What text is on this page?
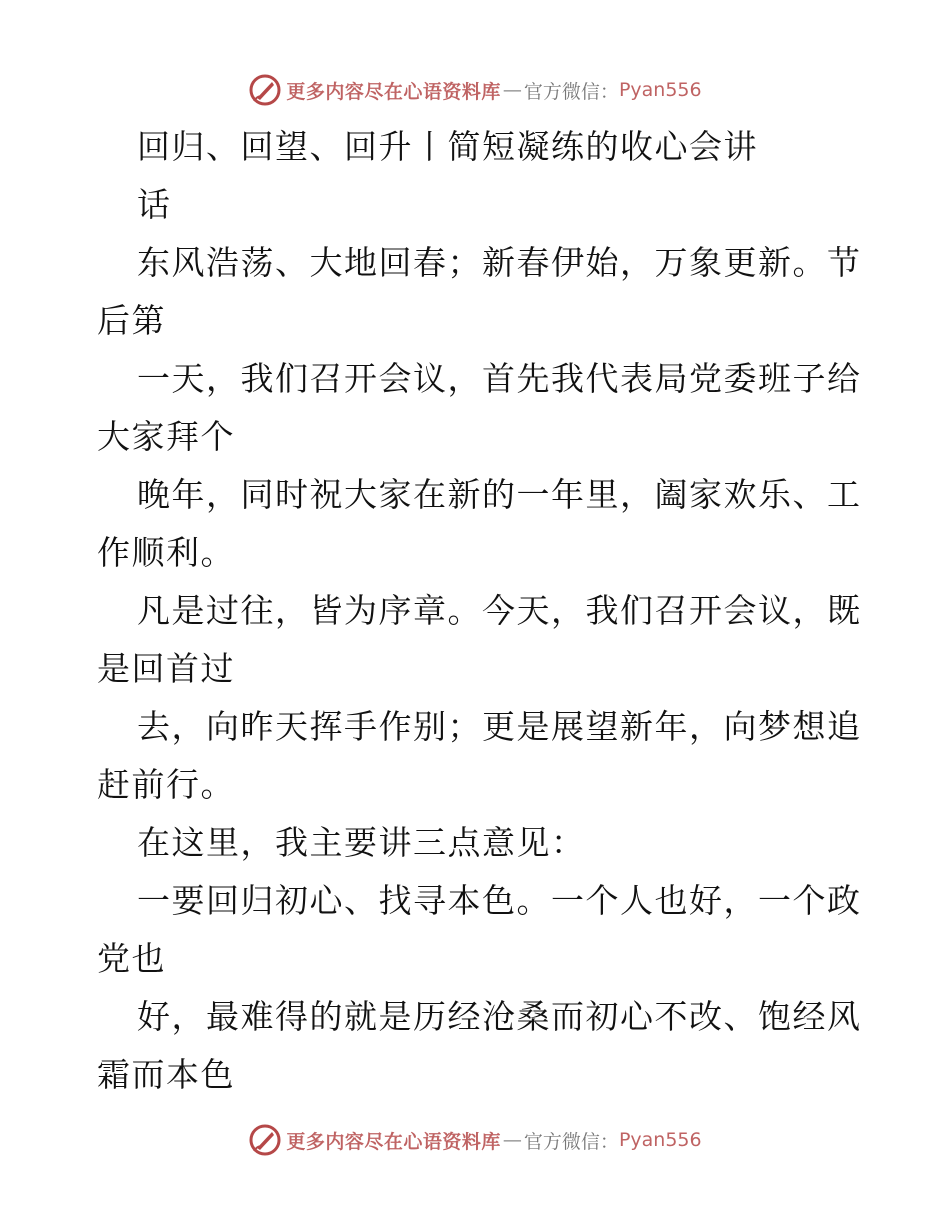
更多内容尽在心语资料库 — 官方微信： Pyan556
回归、回望、回升丨简短凝练的收心会讲
话
东风浩荡、大地回春；新春伊始，万象更新。节
后第
一天，我们召开会议，首先我代表局党委班子给
大家拜个
晚年，同时祝大家在新的一年里，阖家欢乐、工
作顺利。
凡是过往，皆为序章。今天，我们召开会议，既
是回首过
去，向昨天挥手作别；更是展望新年，向梦想追
赶前行。
在这里，我主要讲三点意见：
一要回归初心、找寻本色。一个人也好，一个政
党也
好，最难得的就是历经沧桑而初心不改、饱经风
霜而本色
更多内容尽在心语资料库 — 官方微信： Pyan556
